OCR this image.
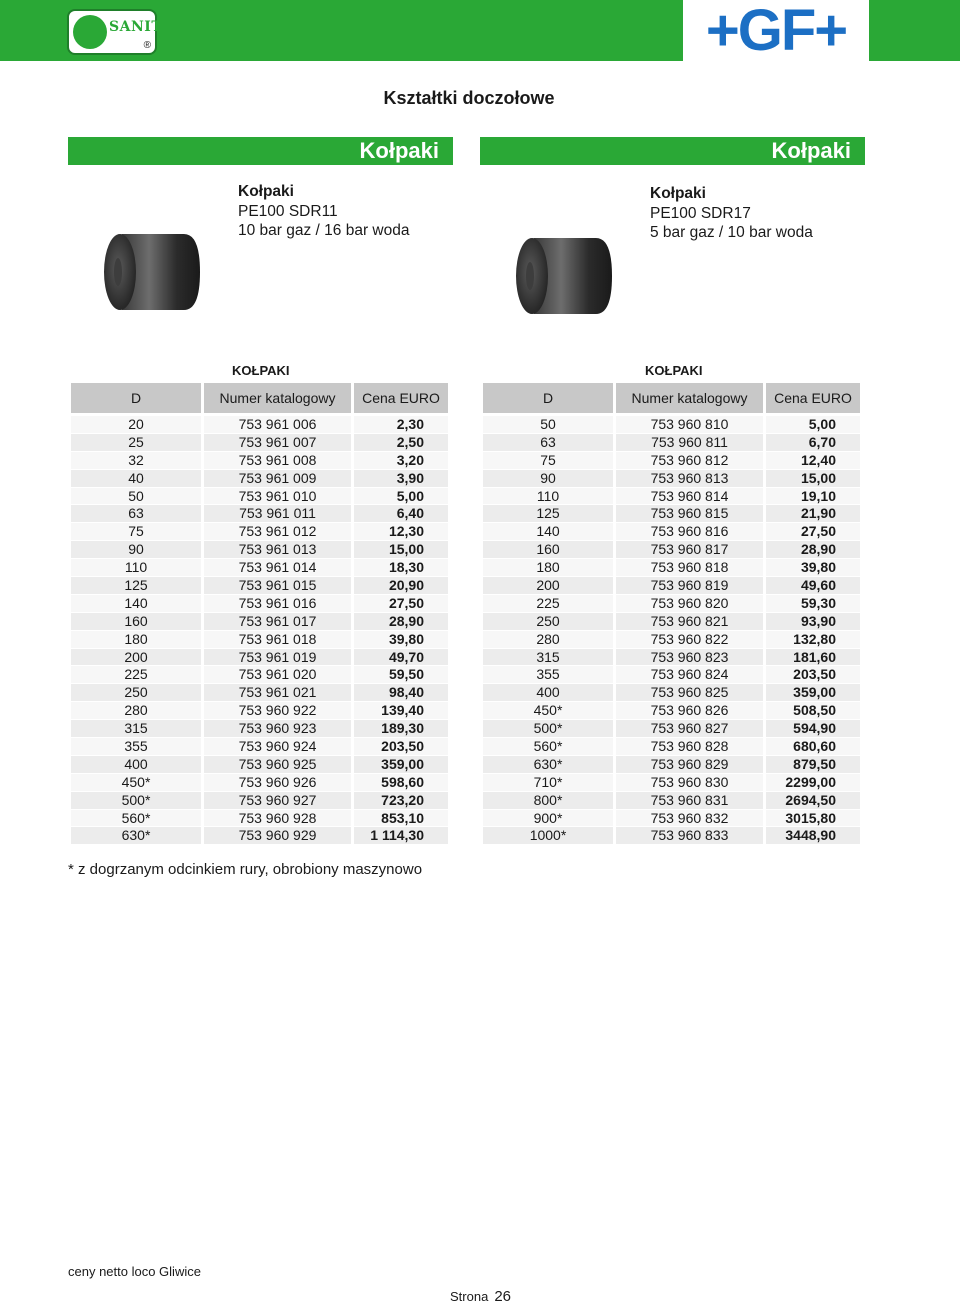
SANIT
®	+GF+
Kształtki doczołowe
Kołpaki	Kołpaki
Kołpaki
PE100 SDR11
10 bar gaz / 16 bar woda
Kołpaki
PE100 SDR17
5 bar gaz / 10 bar woda
KOŁPAKI	KOŁPAKI
D	Numer katalogowy	Cena EURO
20	753 961 006	2,30
25	753 961 007	2,50
32	753 961 008	3,20
40	753 961 009	3,90
50	753 961 010	5,00
63	753 961 011	6,40
75	753 961 012	12,30
90	753 961 013	15,00
110	753 961 014	18,30
125	753 961 015	20,90
140	753 961 016	27,50
160	753 961 017	28,90
180	753 961 018	39,80
200	753 961 019	49,70
225	753 961 020	59,50
250	753 961 021	98,40
280	753 960 922	139,40
315	753 960 923	189,30
355	753 960 924	203,50
400	753 960 925	359,00
450*	753 960 926	598,60
500*	753 960 927	723,20
560*	753 960 928	853,10
630*	753 960 929	1 114,30
D	Numer katalogowy	Cena EURO
50	753 960 810	5,00
63	753 960 811	6,70
75	753 960 812	12,40
90	753 960 813	15,00
110	753 960 814	19,10
125	753 960 815	21,90
140	753 960 816	27,50
160	753 960 817	28,90
180	753 960 818	39,80
200	753 960 819	49,60
225	753 960 820	59,30
250	753 960 821	93,90
280	753 960 822	132,80
315	753 960 823	181,60
355	753 960 824	203,50
400	753 960 825	359,00
450*	753 960 826	508,50
500*	753 960 827	594,90
560*	753 960 828	680,60
630*	753 960 829	879,50
710*	753 960 830	2299,00
800*	753 960 831	2694,50
900*	753 960 832	3015,80
1000*	753 960 833	3448,90
* z dogrzanym odcinkiem rury, obrobiony maszynowo
ceny netto loco Gliwice
Strona 26
